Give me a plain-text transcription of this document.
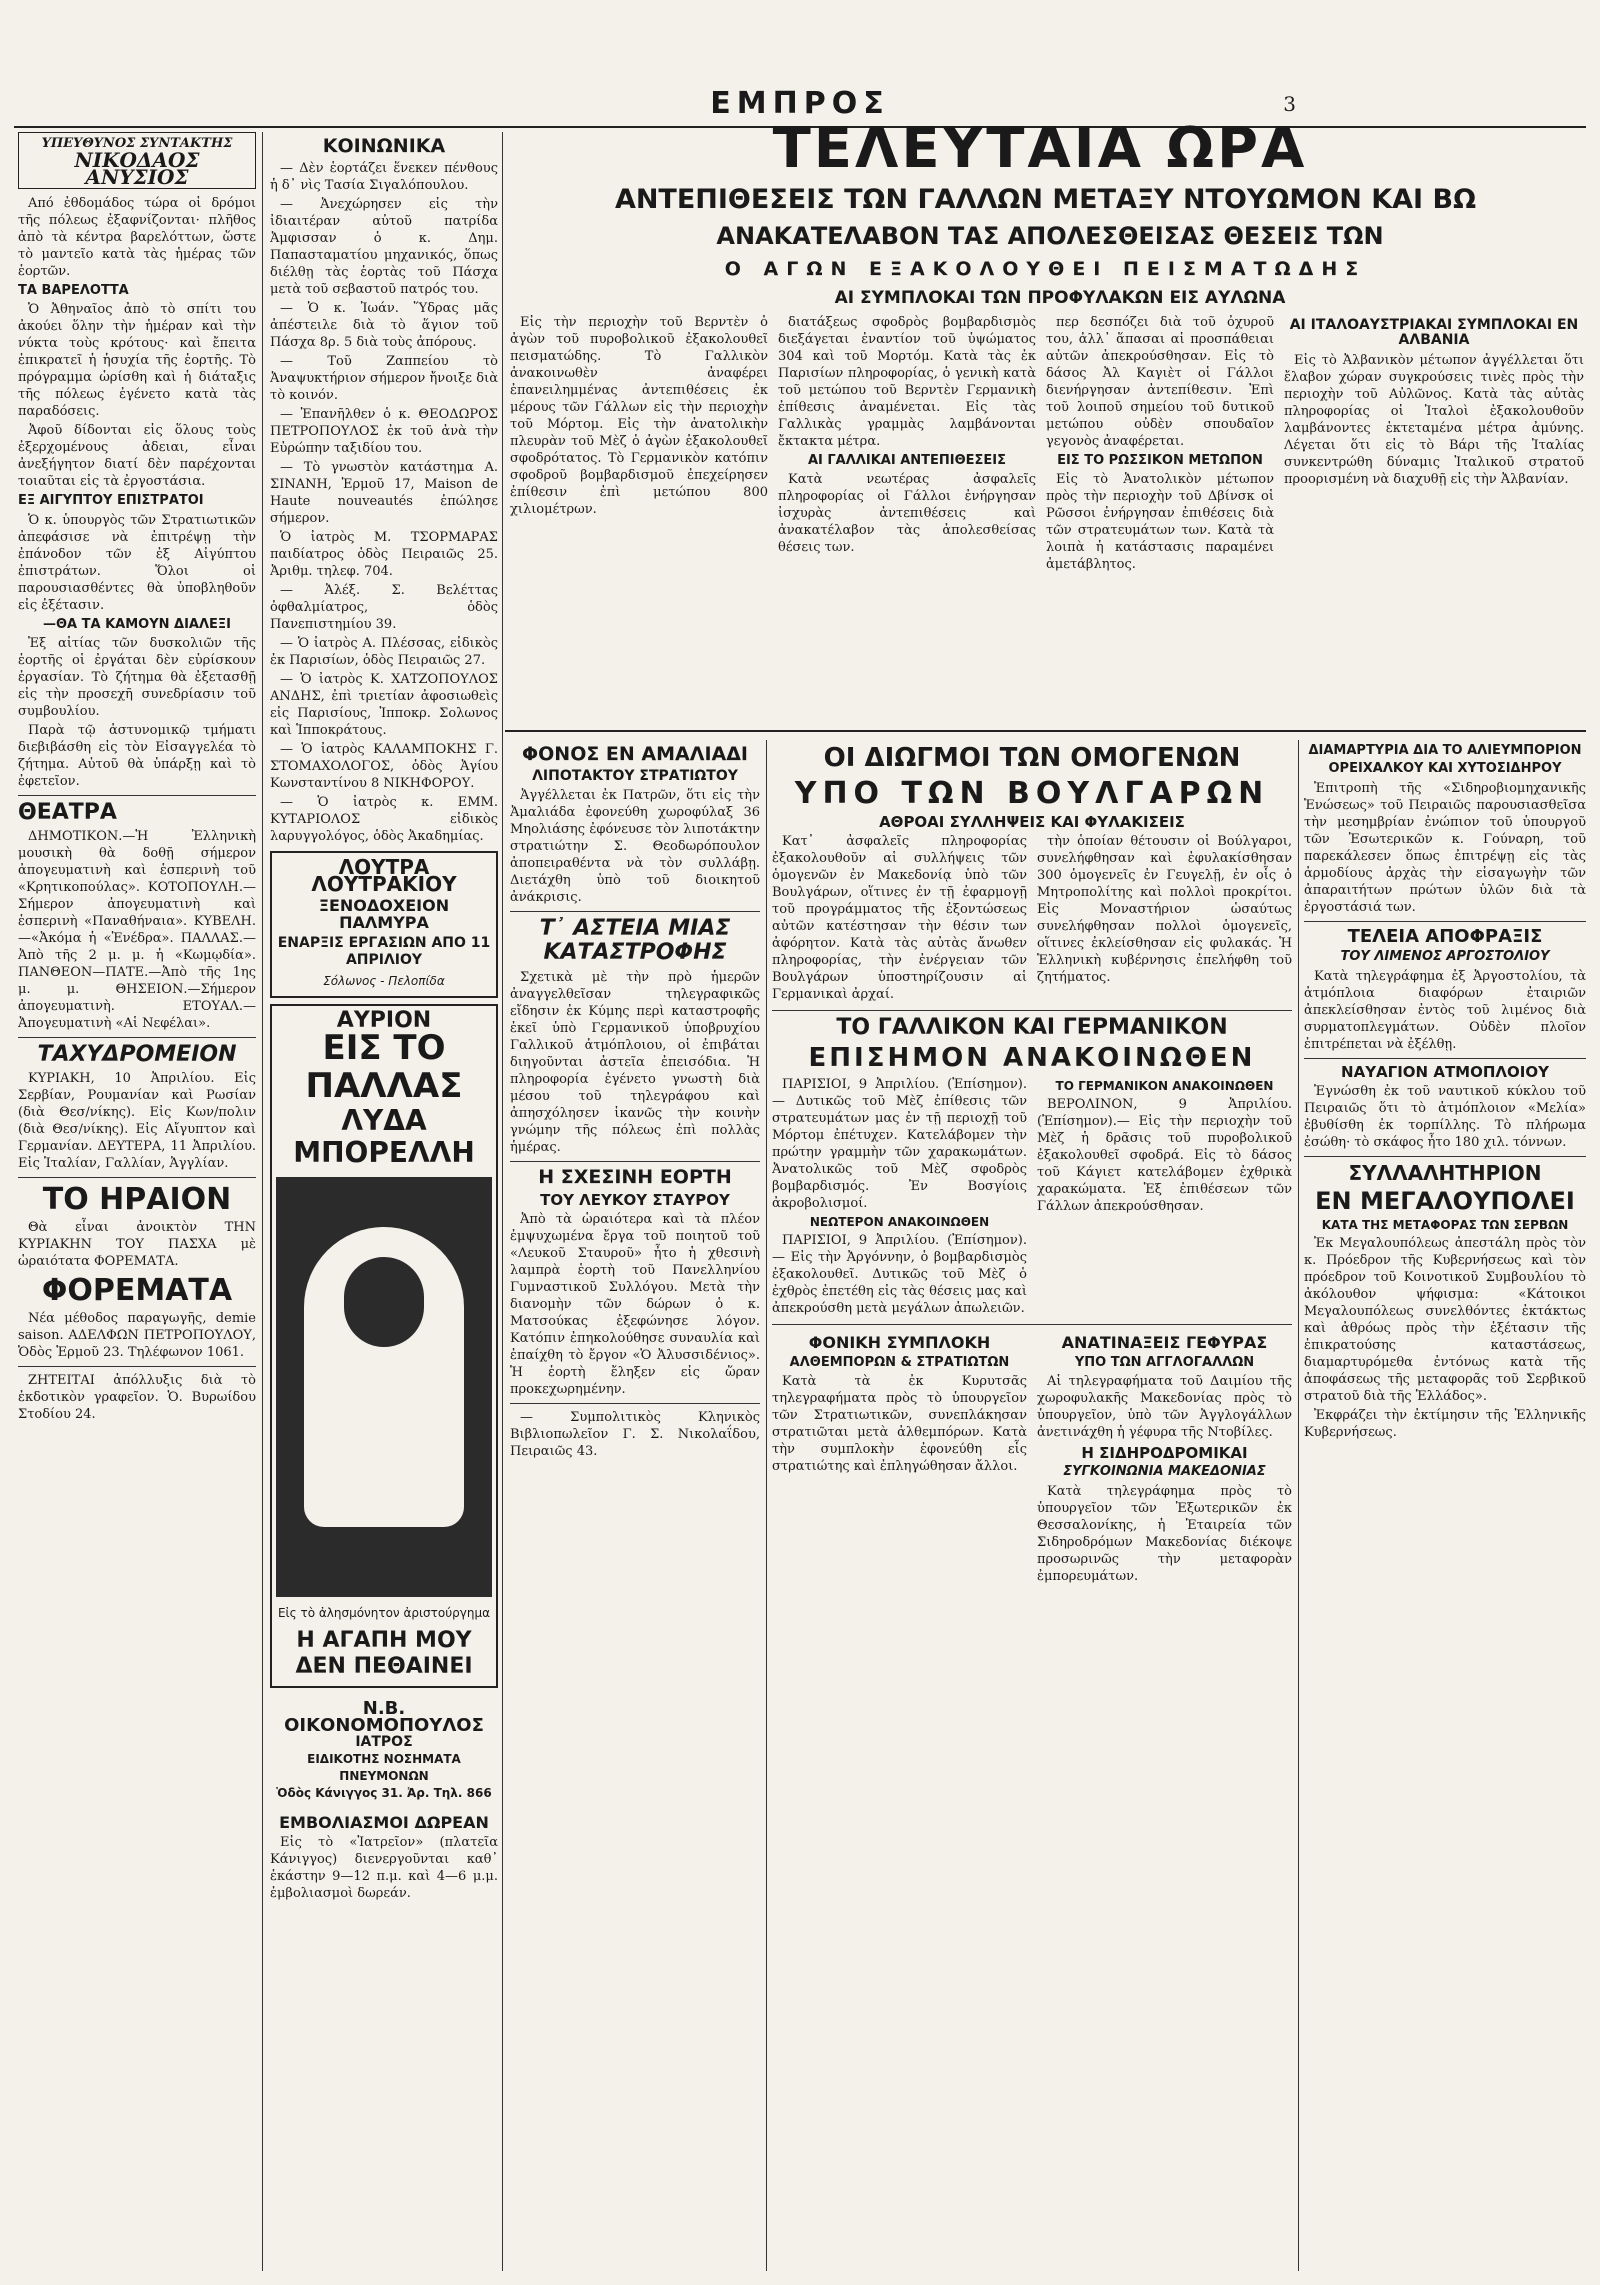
ΕΜΠΡΟΣ	3
ΥΠΕΥΘΥΝΟΣ ΣΥΝΤΑΚΤΗΣ
ΝΙΚΟΔΑΟΣ ΑΝΥΣΙΟΣ

Από ἐθδομάδος τώρα οἱ δρόμοι τῆς πόλεως ἐξαφνίζονται· πλῆθος ἀπὸ τὰ κέντρα βαρελόττων, ὥστε τὸ μαντεῖο κατὰ τὰς ἡμέρας τῶν ἑορτῶν.

ΤΑ ΒΑΡΕΛΟΤΤΑ

Ὁ Ἀθηναῖος ἀπὸ τὸ σπίτι του ἀκούει ὅλην τὴν ἡμέραν καὶ τὴν νύκτα τοὺς κρότους· καὶ ἔπειτα ἐπικρατεῖ ἡ ἡσυχία τῆς ἑορτῆς. Τὸ πρόγραμμα ὡρίσθη καὶ ἡ διάταξις τῆς πόλεως ἐγένετο κατὰ τὰς παραδόσεις.

Ἀφοῦ δίδονται εἰς ὅλους τοὺς ἐξερχομένους ἀδειαι, εἶναι ἀνεξήγητον διατί δὲν παρέχονται τοιαῦται εἰς τὰ ἐργοστάσια.

ΕΞ ΑΙΓΥΠΤΟΥ ΕΠΙΣΤΡΑΤΟΙ

Ὁ κ. ὑπουργὸς τῶν Στρατιωτικῶν ἀπεφάσισε νὰ ἐπιτρέψῃ τὴν ἐπάνοδον τῶν ἐξ Αἰγύπτου ἐπιστράτων. Ὅλοι οἱ παρουσιασθέντες θὰ ὑποβληθοῦν εἰς ἐξέτασιν.

—ΘΑ ΤΑ ΚΑΜΟΥΝ ΔΙΑΛΕΞΙ

Ἐξ αἰτίας τῶν δυσκολιῶν τῆς ἑορτῆς οἱ ἐργάται δὲν εὑρίσκουν ἐργασίαν. Τὸ ζήτημα θὰ ἐξετασθῇ εἰς τὴν προσεχῆ συνεδρίασιν τοῦ συμβουλίου.

Παρὰ τῷ ἀστυνομικῷ τμήματι διεβιβάσθη εἰς τὸν Εἰσαγγελέα τὸ ζήτημα. Αὐτοῦ θὰ ὑπάρξῃ καὶ τὸ ἐφετεῖον.

ΘΕΑΤΡΑ

ΔΗΜΟΤΙΚΟΝ.—Ἡ Ἐλληνικὴ μουσικὴ θὰ δοθῇ σήμερον ἀπογευματινὴ καὶ ἑσπερινὴ τοῦ «Κρητικοπούλας». ΚΟΤΟΠΟΥΛΗ.—Σήμερον ἀπογευματινὴ καὶ ἑσπερινὴ «Παναθήναια». ΚΥΒΕΛΗ.—«Ἀκόμα ἡ «Ἐνέδρα». ΠΑΛΛΑΣ.—Ἀπὸ τῆς 2 μ. μ. ἡ «Κωμῳδία». ΠΑΝΘΕΟΝ—ΠΑΤΕ.—Ἀπὸ τῆς 1ης μ. μ. ΘΗΣΕΙΟΝ.—Σήμερον ἀπογευματινὴ. ΕΤΟΥΑΛ.—Ἀπογευματινὴ «Αἱ Νεφέλαι».

ΤΑΧΥΔΡΟΜΕΙΟΝ

ΚΥΡΙΑΚΗ, 10 Ἀπριλίου. Εἰς Σερβίαν, Ρουμανίαν καὶ Ρωσίαν (διὰ Θεσ/νίκης). Εἰς Κων/πολιν (διὰ Θεσ/νίκης). Εἰς Αἴγυπτον καὶ Γερμανίαν. ΔΕΥΤΕΡΑ, 11 Ἀπριλίου. Εἰς Ἰταλίαν, Γαλλίαν, Ἀγγλίαν.

ΤΟ ΗΡΑΙΟΝ

Θὰ εἶναι ἀνοικτὸν ΤΗΝ ΚΥΡΙΑΚΗΝ ΤΟΥ ΠΑΣΧΑ μὲ ὡραιότατα ΦΟΡΕΜΑΤΑ.

ΦΟΡΕΜΑΤΑ

Νέα μέθοδος παραγωγῆς, demie saison. ΑΔΕΛΦΩΝ ΠΕΤΡΟΠΟΥΛΟΥ, Ὁδὸς Ἑρμοῦ 23. Τηλέφωνον 1061.

ΖΗΤΕΙΤΑΙ ἀπόλλυξις διὰ τὸ ἐκδοτικὸν γραφεῖον. Ὁ. Βυρωίδου Στοδίου 24.

ΚΟΙΝΩΝΙΚΑ

— Δὲν ἑορτάζει ἕνεκεν πένθους ἡ δ᾽ νὶς Τασία Σιγαλόπουλου.

— Ἀνεχώρησεν εἰς τὴν ἰδιαιτέραν αὐτοῦ πατρίδα Ἀμφισσαν ὁ κ. Δημ. Παπασταματίου μηχανικός, ὅπως διέλθῃ τὰς ἑορτὰς τοῦ Πάσχα μετὰ τοῦ σεβαστοῦ πατρός του.

— Ὁ κ. Ἰωάν. Ὕδρας μᾶς ἀπέστειλε διὰ τὸ ἅγιον τοῦ Πάσχα 8ρ. 5 διὰ τοὺς ἀπόρους.

— Τοῦ Ζαππείου τὸ Ἀναψυκτήριον σήμερον ἤνοιξε διὰ τὸ κοινόν.

— Ἐπανῆλθεν ὁ κ. ΘΕΟΔΩΡΟΣ ΠΕΤΡΟΠΟΥΛΟΣ ἐκ τοῦ ἀνὰ τὴν Εὐρώπην ταξιδίου του.

— Τὸ γνωστὸν κατάστημα Α. ΣΙΝΑΝΗ, Ἑρμοῦ 17, Maison de Haute nouveautés ἐπώλησε σήμερον.

Ὁ ἰατρὸς Μ. ΤΣΟΡΜΑΡΑΣ παιδίατρος ὁδὸς Πειραιῶς 25. Ἀριθμ. τηλεφ. 704.

— Ἀλέξ. Σ. Βελέττας ὀφθαλμίατρος, ὁδὸς Πανεπιστημίου 39.

— Ὁ ἰατρὸς Α. Πλέσσας, εἰδικὸς ἐκ Παρισίων, ὁδὸς Πειραιῶς 27.

— Ὁ ἰατρὸς Κ. ΧΑΤΖΟΠΟΥΛΟΣ ΑΝΔΗΣ, ἐπὶ τριετίαν ἀφοσιωθεὶς εἰς Παρισίους, Ἱπποκρ. Σολωνος καὶ Ἱπποκράτους.

— Ὁ ἰατρὸς ΚΑΛΑΜΠΟΚΗΣ Γ. ΣΤΟΜΑΧΟΛΟΓΟΣ, ὁδὸς Ἀγίου Κωνσταντίνου 8 ΝΙΚΗΦΟΡΟΥ.

— Ὁ ἰατρὸς κ. ΕΜΜ. ΚΥΤΑΡΙΟΛΟΣ εἰδικὸς λαρυγγολόγος, ὁδὸς Ἀκαδημίας.

ΛΟΥΤΡΑ ΛΟΥΤΡΑΚΙΟΥ
ΞΕΝΟΔΟΧΕΙΟΝ ΠΑΛΜΥΡΑ
ΕΝΑΡΞΙΣ ΕΡΓΑΣΙΩΝ ΑΠΟ 11 ΑΠΡΙΛΙΟΥ
Σόλωνος - Πελοπίδα
ΑΥΡΙΟΝ
ΕΙΣ ΤΟ ΠΑΛΛΑΣ
ΛΥΔΑ ΜΠΟΡΕΛΛΗ
Εἰς τὸ ἀλησμόνητον ἀριστούργημα
Η ΑΓΑΠΗ ΜΟΥ ΔΕΝ ΠΕΘΑΙΝΕΙ
Ν.Β. ΟΙΚΟΝΟΜΟΠΟΥΛΟΣ
ΙΑΤΡΟΣ
ΕΙΔΙΚΟΤΗΣ ΝΟΣΗΜΑΤΑ ΠΝΕΥΜΟΝΩΝ
Ὁδὸς Κάνιγγος 31. Ἀρ. Τηλ. 866
ΕΜΒΟΛΙΑΣΜΟΙ ΔΩΡΕΑΝ

Εἰς τὸ «Ἰατρεῖον» (πλατεῖα Κάνιγγος) διενεργοῦνται καθ᾽ ἑκάστην 9—12 π.μ. καὶ 4—6 μ.μ. ἐμβολιασμοὶ δωρεάν.

ΤΕΛΕΥΤΑΙΑ ΩΡΑ
ΑΝΤΕΠΙΘΕΣΕΙΣ ΤΩΝ ΓΑΛΛΩΝ ΜΕΤΑΞΥ ΝΤΟΥΩΜΟΝ ΚΑΙ ΒΩ
ΑΝΑΚΑΤΕΛΑΒΟΝ ΤΑΣ ΑΠΟΛΕΣΘΕΙΣΑΣ ΘΕΣΕΙΣ ΤΩΝ
Ο ΑΓΩΝ ΕΞΑΚΟΛΟΥΘΕΙ ΠΕΙΣΜΑΤΩΔΗΣ
ΑΙ ΣΥΜΠΛΟΚΑΙ ΤΩΝ ΠΡΟΦΥΛΑΚΩΝ ΕΙΣ ΑΥΛΩΝΑ

Εἰς τὴν περιοχὴν τοῦ Βερντὲν ὁ ἀγὼν τοῦ πυροβολικοῦ ἐξακολουθεῖ πεισματώδης. Τὸ Γαλλικὸν ἀνακοινωθὲν ἀναφέρει ἐπανειλημμένας ἀντεπιθέσεις ἐκ μέρους τῶν Γάλλων εἰς τὴν περιοχὴν τοῦ Μόρτομ. Εἰς τὴν ἀνατολικὴν πλευρὰν τοῦ Μὲζ ὁ ἀγὼν ἐξακολουθεῖ σφοδρότατος. Τὸ Γερμανικὸν κατόπιν σφοδροῦ βομβαρδισμοῦ ἐπεχείρησεν ἐπίθεσιν ἐπὶ μετώπου 800 χιλιομέτρων.

διατάξεως σφοδρὸς βομβαρδισμὸς διεξάγεται ἐναντίον τοῦ ὑψώματος 304 καὶ τοῦ Μορτόμ. Κατὰ τὰς ἐκ Παρισίων πληροφορίας, ὁ γενικὴ κατὰ τοῦ μετώπου τοῦ Βερντὲν Γερμανικὴ ἐπίθεσις ἀναμένεται. Εἰς τὰς Γαλλικὰς γραμμὰς λαμβάνονται ἔκτακτα μέτρα.

ΑΙ ΓΑΛΛΙΚΑΙ ΑΝΤΕΠΙΘΕΣΕΙΣ

Κατὰ νεωτέρας ἀσφαλεῖς πληροφορίας οἱ Γάλλοι ἐνήργησαν ἰσχυρὰς ἀντεπιθέσεις καὶ ἀνακατέλαβον τὰς ἀπολεσθείσας θέσεις των.

περ δεσπόζει διὰ τοῦ ὀχυροῦ του, ἀλλ᾽ ἅπασαι αἱ προσπάθειαι αὐτῶν ἀπεκρούσθησαν. Εἰς τὸ δάσος Ἀλ Καγιὲτ οἱ Γάλλοι διενήργησαν ἀντεπίθεσιν. Ἐπὶ τοῦ λοιποῦ σημείου τοῦ δυτικοῦ μετώπου οὐδὲν σπουδαῖον γεγονὸς ἀναφέρεται.

ΕΙΣ ΤΟ ΡΩΣΣΙΚΟΝ ΜΕΤΩΠΟΝ

Εἰς τὸ Ἀνατολικὸν μέτωπον πρὸς τὴν περιοχὴν τοῦ Δβίνσκ οἱ Ρῶσσοι ἐνήργησαν ἐπιθέσεις διὰ τῶν στρατευμάτων των. Κατὰ τὰ λοιπὰ ἡ κατάστασις παραμένει ἀμετάβλητος.

ΑΙ ΙΤΑΛΟΑΥΣΤΡΙΑΚΑΙ ΣΥΜΠΛΟΚΑΙ ΕΝ ΑΛΒΑΝΙΑ

Εἰς τὸ Ἀλβανικὸν μέτωπον ἀγγέλλεται ὅτι ἔλαβον χώραν συγκρούσεις τινὲς πρὸς τὴν περιοχὴν τοῦ Αὐλῶνος. Κατὰ τὰς αὐτὰς πληροφορίας οἱ Ἰταλοὶ ἐξακολουθοῦν λαμβάνοντες ἐκτεταμένα μέτρα ἀμύνης. Λέγεται ὅτι εἰς τὸ Βάρι τῆς Ἰταλίας συνκεντρώθη δύναμις Ἰταλικοῦ στρατοῦ προορισμένη νὰ διαχυθῇ εἰς τὴν Ἀλβανίαν.

ΦΟΝΟΣ ΕΝ ΑΜΑΛΙΑΔΙ
ΛΙΠΟΤΑΚΤΟΥ ΣΤΡΑΤΙΩΤΟΥ

Ἀγγέλλεται ἐκ Πατρῶν, ὅτι εἰς τὴν Ἀμαλιάδα ἐφονεύθη χωροφύλαξ 36 Μηολιάσης ἐφόνευσε τὸν λιποτάκτην στρατιώτην Σ. Θεοδωρόπουλον ἀποπειραθέντα νὰ τὸν συλλάβῃ. Διετάχθη ὑπὸ τοῦ διοικητοῦ ἀνάκρισις.

Τ᾽ ΑΣΤΕΙΑ ΜΙΑΣ ΚΑΤΑΣΤΡΟΦΗΣ

Σχετικὰ μὲ τὴν πρὸ ἡμερῶν ἀναγγελθεῖσαν τηλεγραφικῶς εἴδησιν ἐκ Κύμης περὶ καταστροφῆς ἐκεῖ ὑπὸ Γερμανικοῦ ὑποβρυχίου Γαλλικοῦ ἀτμόπλοιου, οἱ ἐπιβάται διηγοῦνται ἀστεῖα ἐπεισόδια. Ἡ πληροφορία ἐγένετο γνωστὴ διὰ μέσου τοῦ τηλεγράφου καὶ ἀπησχόλησεν ἱκανῶς τὴν κοινὴν γνώμην τῆς πόλεως ἐπὶ πολλὰς ἡμέρας.

Η ΣΧΕΣΙΝΗ ΕΟΡΤΗ
ΤΟΥ ΛΕΥΚΟΥ ΣΤΑΥΡΟΥ

Ἀπὸ τὰ ὡραιότερα καὶ τὰ πλέον ἐμψυχωμένα ἔργα τοῦ ποιητοῦ τοῦ «Λευκοῦ Σταυροῦ» ἦτο ἡ χθεσινὴ λαμπρὰ ἑορτὴ τοῦ Πανελληνίου Γυμναστικοῦ Συλλόγου. Μετὰ τὴν διανομὴν τῶν δώρων ὁ κ. Ματσούκας ἐξεφώνησε λόγον. Κατόπιν ἐπηκολούθησε συναυλία καὶ ἐπαίχθη τὸ ἔργον «Ὁ Ἀλυσσιδένιος». Ἡ ἑορτὴ ἔληξεν εἰς ὥραν προκεχωρημένην.

— Συμπολιτικὸς Κληνικὸς Βιβλιοπωλεῖον Γ. Σ. Νικολαΐδου, Πειραιῶς 43.

ΟΙ ΔΙΩΓΜΟΙ ΤΩΝ ΟΜΟΓΕΝΩΝ
ΥΠΟ ΤΩΝ ΒΟΥΛΓΑΡΩΝ
ΑΘΡΟΑΙ ΣΥΛΛΗΨΕΙΣ ΚΑΙ ΦΥΛΑΚΙΣΕΙΣ

Κατ᾽ ἀσφαλεῖς πληροφορίας ἐξακολουθοῦν αἱ συλλήψεις τῶν ὁμογενῶν ἐν Μακεδονίᾳ ὑπὸ τῶν Βουλγάρων, οἵτινες ἐν τῇ ἐφαρμογῇ τοῦ προγράμματος τῆς ἐξοντώσεως αὐτῶν κατέστησαν τὴν θέσιν των ἀφόρητον. Κατὰ τὰς αὐτὰς ἄνωθεν πληροφορίας, τὴν ἐνέργειαν τῶν Βουλγάρων ὑποστηρίζουσιν αἱ Γερμανικαὶ ἀρχαί.

τὴν ὁποίαν θέτουσιν οἱ Βούλγαροι, συνελήφθησαν καὶ ἐφυλακίσθησαν 300 ὁμογενεῖς ἐν Γευγελῇ, ἐν οἷς ὁ Μητροπολίτης καὶ πολλοὶ προκρίτοι. Εἰς Μοναστήριον ὡσαύτως συνελήφθησαν πολλοὶ ὁμογενεῖς, οἵτινες ἐκλείσθησαν εἰς φυλακάς. Ἡ Ἑλληνικὴ κυβέρνησις ἐπελήφθη τοῦ ζητήματος.

ΤΟ ΓΑΛΛΙΚΟΝ ΚΑΙ ΓΕΡΜΑΝΙΚΟΝ
ΕΠΙΣΗΜΟΝ ΑΝΑΚΟΙΝΩΘΕΝ

ΠΑΡΙΣΙΟΙ, 9 Ἀπριλίου. (Ἐπίσημον).— Δυτικῶς τοῦ Μὲζ ἐπίθεσις τῶν στρατευμάτων μας ἐν τῇ περιοχῇ τοῦ Μόρτομ ἐπέτυχεν. Κατελάβομεν τὴν πρώτην γραμμὴν τῶν χαρακωμάτων. Ἀνατολικῶς τοῦ Μὲζ σφοδρὸς βομβαρδισμός. Ἐν Βοσγίοις ἀκροβολισμοί.

ΝΕΩΤΕΡΟΝ ΑΝΑΚΟΙΝΩΘΕΝ

ΠΑΡΙΣΙΟΙ, 9 Ἀπριλίου. (Ἐπίσημον).— Εἰς τὴν Ἀργόννην, ὁ βομβαρδισμὸς ἐξακολουθεῖ. Δυτικῶς τοῦ Μὲζ ὁ ἐχθρὸς ἐπετέθη εἰς τὰς θέσεις μας καὶ ἀπεκρούσθη μετὰ μεγάλων ἀπωλειῶν.

ΤΟ ΓΕΡΜΑΝΙΚΟΝ ΑΝΑΚΟΙΝΩΘΕΝ

ΒΕΡΟΛΙΝΟΝ, 9 Ἀπριλίου. (Ἐπίσημον).— Εἰς τὴν περιοχὴν τοῦ Μὲζ ἡ δρᾶσις τοῦ πυροβολικοῦ ἐξακολουθεῖ σφοδρά. Εἰς τὸ δάσος τοῦ Κάγιετ κατελάβομεν ἐχθρικὰ χαρακώματα. Ἐξ ἐπιθέσεων τῶν Γάλλων ἀπεκρούσθησαν.

ΦΟΝΙΚΗ ΣΥΜΠΛΟΚΗ
ΑΛΘΕΜΠΟΡΩΝ & ΣΤΡΑΤΙΩΤΩΝ

Κατὰ τὰ ἐκ Κυρυτσᾶς τηλεγραφήματα πρὸς τὸ ὑπουργεῖον τῶν Στρατιωτικῶν, συνεπλάκησαν στρατιῶται μετὰ ἀλθεμπόρων. Κατὰ τὴν συμπλοκὴν ἐφονεύθη εἷς στρατιώτης καὶ ἐπληγώθησαν ἄλλοι.

ΑΝΑΤΙΝΑΞΕΙΣ ΓΕΦΥΡΑΣ
ΥΠΟ ΤΩΝ ΑΓΓΛΟΓΑΛΛΩΝ

Αἱ τηλεγραφήματα τοῦ Δαιμίου τῆς χωροφυλακῆς Μακεδονίας πρὸς τὸ ὑπουργεῖον, ὑπὸ τῶν Ἀγγλογάλλων ἀνετινάχθη ἡ γέφυρα τῆς Ντοβίλες.

Η ΣΙΔΗΡΟΔΡΟΜΙΚΑΙ
ΣΥΓΚΟΙΝΩΝΙΑ ΜΑΚΕΔΟΝΙΑΣ

Κατὰ τηλεγράφημα πρὸς τὸ ὑπουργεῖον τῶν Ἐξωτερικῶν ἐκ Θεσσαλονίκης, ἡ Ἑταιρεία τῶν Σιδηροδρόμων Μακεδονίας διέκοψε προσωρινῶς τὴν μεταφορὰν ἐμπορευμάτων.

ΔΙΑΜΑΡΤΥΡΙΑ ΔΙΑ ΤΟ ΑΛΙΕΥΜΠΟΡΙΟΝ
ΟΡΕΙΧΑΛΚΟΥ ΚΑΙ ΧΥΤΟΣΙΔΗΡΟΥ

Ἐπιτροπὴ τῆς «Σιδηροβιομηχανικῆς Ἑνώσεως» τοῦ Πειραιῶς παρουσιασθεῖσα τὴν μεσημβρίαν ἐνώπιον τοῦ ὑπουργοῦ τῶν Ἐσωτερικῶν κ. Γούναρη, τοῦ παρεκάλεσεν ὅπως ἐπιτρέψῃ εἰς τὰς ἀρμοδίους ἀρχὰς τὴν εἰσαγωγὴν τῶν ἀπαραιτήτων πρώτων ὑλῶν διὰ τὰ ἐργοστάσιά των.

ΤΕΛΕΙΑ ΑΠΟΦΡΑΞΙΣ
ΤΟΥ ΛΙΜΕΝΟΣ ΑΡΓΟΣΤΟΛΙΟΥ

Κατὰ τηλεγράφημα ἐξ Ἀργοστολίου, τὰ ἀτμόπλοια διαφόρων ἐταιριῶν ἀπεκλείσθησαν ἐντὸς τοῦ λιμένος διὰ συρματοπλεγμάτων. Οὐδὲν πλοῖον ἐπιτρέπεται νὰ ἐξέλθῃ.

ΝΑΥΑΓΙΟΝ ΑΤΜΟΠΛΟΙΟΥ

Ἐγνώσθη ἐκ τοῦ ναυτικοῦ κύκλου τοῦ Πειραιῶς ὅτι τὸ ἀτμόπλοιον «Μελία» ἐβυθίσθη ἐκ τορπίλλης. Τὸ πλήρωμα ἐσώθη· τὸ σκάφος ἦτο 180 χιλ. τόννων.

ΣΥΛΛΑΛΗΤΗΡΙΟΝ
ΕΝ ΜΕΓΑΛΟΥΠΟΛΕΙ
ΚΑΤΑ ΤΗΣ ΜΕΤΑΦΟΡΑΣ ΤΩΝ ΣΕΡΒΩΝ

Ἐκ Μεγαλουπόλεως ἀπεστάλη πρὸς τὸν κ. Πρόεδρον τῆς Κυβερνήσεως καὶ τὸν πρόεδρον τοῦ Κοινοτικοῦ Συμβουλίου τὸ ἀκόλουθον ψήφισμα: «Κάτοικοι Μεγαλουπόλεως συνελθόντες ἐκτάκτως καὶ ἀθρόως πρὸς τὴν ἐξέτασιν τῆς ἐπικρατούσης καταστάσεως, διαμαρτυρόμεθα ἐντόνως κατὰ τῆς ἀποφάσεως τῆς μεταφορᾶς τοῦ Σερβικοῦ στρατοῦ διὰ τῆς Ἑλλάδος».

Ἐκφράζει τὴν ἐκτίμησιν τῆς Ἑλληνικῆς Κυβερνήσεως.
